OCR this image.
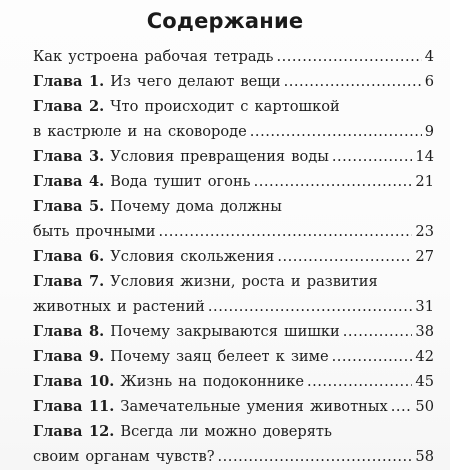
Содержание
Как устроена рабочая тетрадь .....	4
Глава 1. Из чего делают вещи .....	6
Глава 2. Что происходит с картошкой
в кастрюле и на сковороде .....	9
Глава 3. Условия превращения воды .....	14
Глава 4. Вода тушит огонь .....	21
Глава 5. Почему дома должны
быть прочными .....	23
Глава 6. Условия скольжения .....	27
Глава 7. Условия жизни, роста и развития
животных и растений .....	31
Глава 8. Почему закрываются шишки .....	38
Глава 9. Почему заяц белеет к зиме .....	42
Глава 10. Жизнь на подоконнике .....	45
Глава 11. Замечательные умения животных ..... 50
Глава 12. Всегда ли можно доверять
своим органам чувств? .....	58
